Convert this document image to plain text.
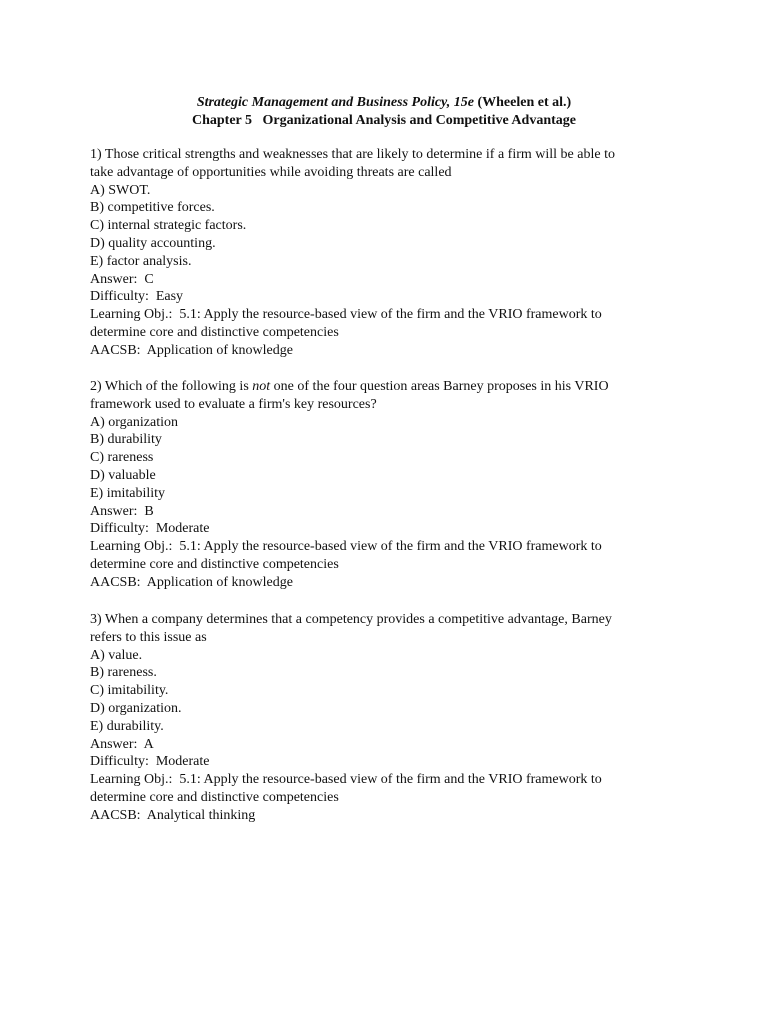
Strategic Management and Business Policy, 15e (Wheelen et al.)
Chapter 5   Organizational Analysis and Competitive Advantage
1) Those critical strengths and weaknesses that are likely to determine if a firm will be able to
take advantage of opportunities while avoiding threats are called
A) SWOT.
B) competitive forces.
C) internal strategic factors.
D) quality accounting.
E) factor analysis.
Answer:  C
Difficulty:  Easy
Learning Obj.:  5.1: Apply the resource-based view of the firm and the VRIO framework to
determine core and distinctive competencies
AACSB:  Application of knowledge
2) Which of the following is not one of the four question areas Barney proposes in his VRIO
framework used to evaluate a firm's key resources?
A) organization
B) durability
C) rareness
D) valuable
E) imitability
Answer:  B
Difficulty:  Moderate
Learning Obj.:  5.1: Apply the resource-based view of the firm and the VRIO framework to
determine core and distinctive competencies
AACSB:  Application of knowledge
3) When a company determines that a competency provides a competitive advantage, Barney
refers to this issue as
A) value.
B) rareness.
C) imitability.
D) organization.
E) durability.
Answer:  A
Difficulty:  Moderate
Learning Obj.:  5.1: Apply the resource-based view of the firm and the VRIO framework to
determine core and distinctive competencies
AACSB:  Analytical thinking
